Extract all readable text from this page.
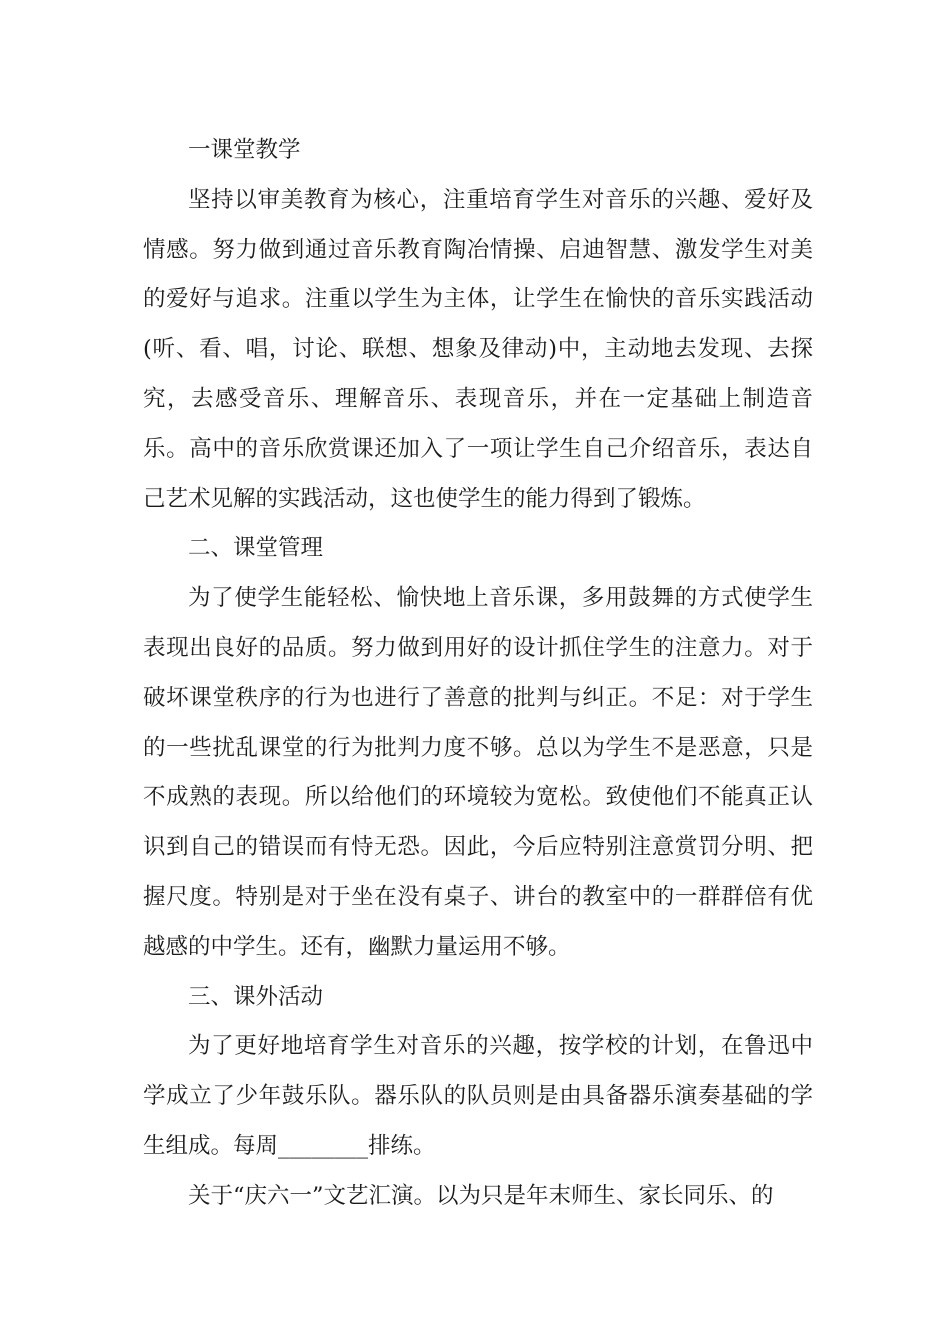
一课堂教学

坚持以审美教育为核心，注重培育学生对音乐的兴趣、爱好及情感。努力做到通过音乐教育陶冶情操、启迪智慧、激发学生对美的爱好与追求。注重以学生为主体，让学生在愉快的音乐实践活动(听、看、唱，讨论、联想、想象及律动)中，主动地去发现、去探究，去感受音乐、理解音乐、表现音乐，并在一定基础上制造音乐。高中的音乐欣赏课还加入了一项让学生自己介绍音乐，表达自己艺术见解的实践活动，这也使学生的能力得到了锻炼。

二、课堂管理

为了使学生能轻松、愉快地上音乐课，多用鼓舞的方式使学生表现出良好的品质。努力做到用好的设计抓住学生的注意力。对于破坏课堂秩序的行为也进行了善意的批判与纠正。不足：对于学生的一些扰乱课堂的行为批判力度不够。总以为学生不是恶意，只是不成熟的表现。所以给他们的环境较为宽松。致使他们不能真正认识到自己的错误而有恃无恐。因此，今后应特别注意赏罚分明、把握尺度。特别是对于坐在没有桌子、讲台的教室中的一群群倍有优越感的中学生。还有，幽默力量运用不够。

三、课外活动

为了更好地培育学生对音乐的兴趣，按学校的计划，在鲁迅中学成立了少年鼓乐队。器乐队的队员则是由具备器乐演奏基础的学生组成。每周________排练。

关于“庆六一”文艺汇演。以为只是年末师生、家长同乐、的
